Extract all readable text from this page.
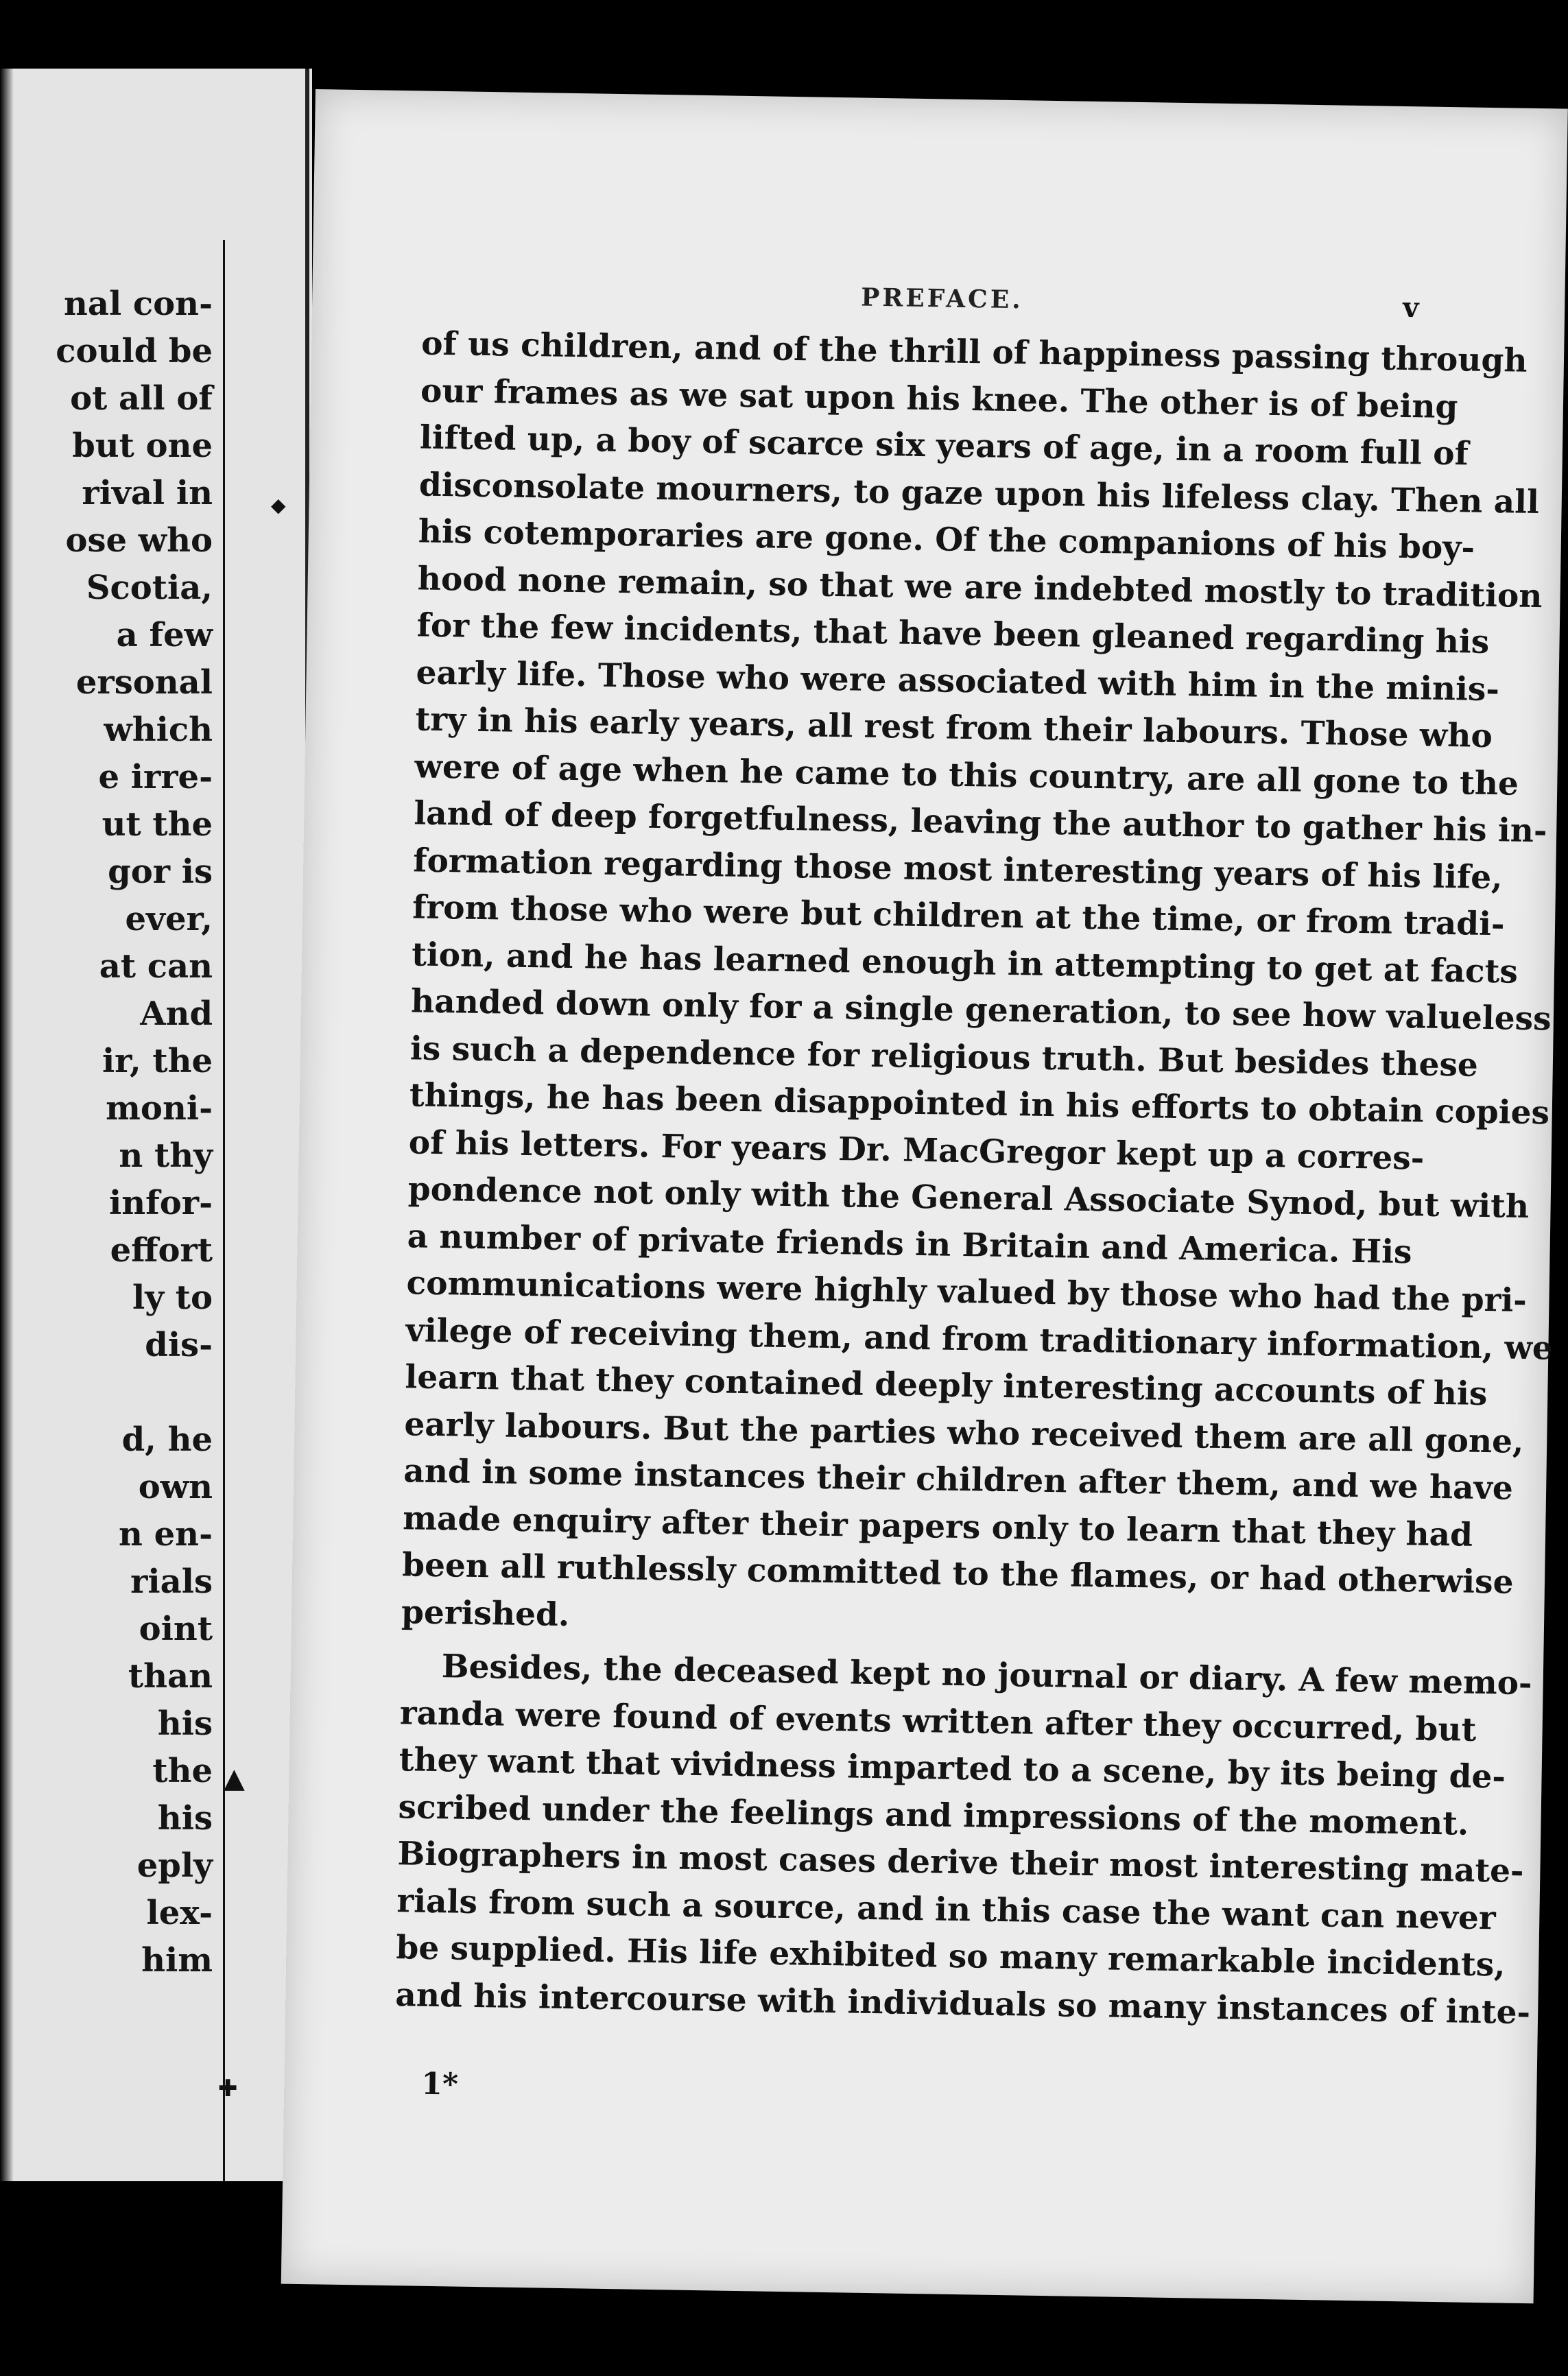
nal con-
could be
ot all of
but one
rival in
ose who
Scotia,
a few
ersonal
which
e irre-
ut the
gor is
ever,
at can
And
ir, the
moni-
n thy
infor-
effort
ly to
dis-
d, he
own
n en-
rials
oint
than
his
the
his
eply
lex-
him
◆
▲
✚
PREFACE.	v
of us children, and of the thrill of happiness passing through
our frames as we sat upon his knee. The other is of being
lifted up, a boy of scarce six years of age, in a room full of
disconsolate mourners, to gaze upon his lifeless clay. Then all
his cotemporaries are gone. Of the companions of his boy-
hood none remain, so that we are indebted mostly to tradition
for the few incidents, that have been gleaned regarding his
early life. Those who were associated with him in the minis-
try in his early years, all rest from their labours. Those who
were of age when he came to this country, are all gone to the
land of deep forgetfulness, leaving the author to gather his in-
formation regarding those most interesting years of his life,
from those who were but children at the time, or from tradi-
tion, and he has learned enough in attempting to get at facts
handed down only for a single generation, to see how valueless
is such a dependence for religious truth. But besides these
things, he has been disappointed in his efforts to obtain copies
of his letters. For years Dr. MacGregor kept up a corres-
pondence not only with the General Associate Synod, but with
a number of private friends in Britain and America. His
communications were highly valued by those who had the pri-
vilege of receiving them, and from traditionary information, we
learn that they contained deeply interesting accounts of his
early labours. But the parties who received them are all gone,
and in some instances their children after them, and we have
made enquiry after their papers only to learn that they had
been all ruthlessly committed to the flames, or had otherwise
perished.
Besides, the deceased kept no journal or diary. A few memo-
randa were found of events written after they occurred, but
they want that vividness imparted to a scene, by its being de-
scribed under the feelings and impressions of the moment.
Biographers in most cases derive their most interesting mate-
rials from such a source, and in this case the want can never
be supplied. His life exhibited so many remarkable incidents,
and his intercourse with individuals so many instances of inte-
1*
